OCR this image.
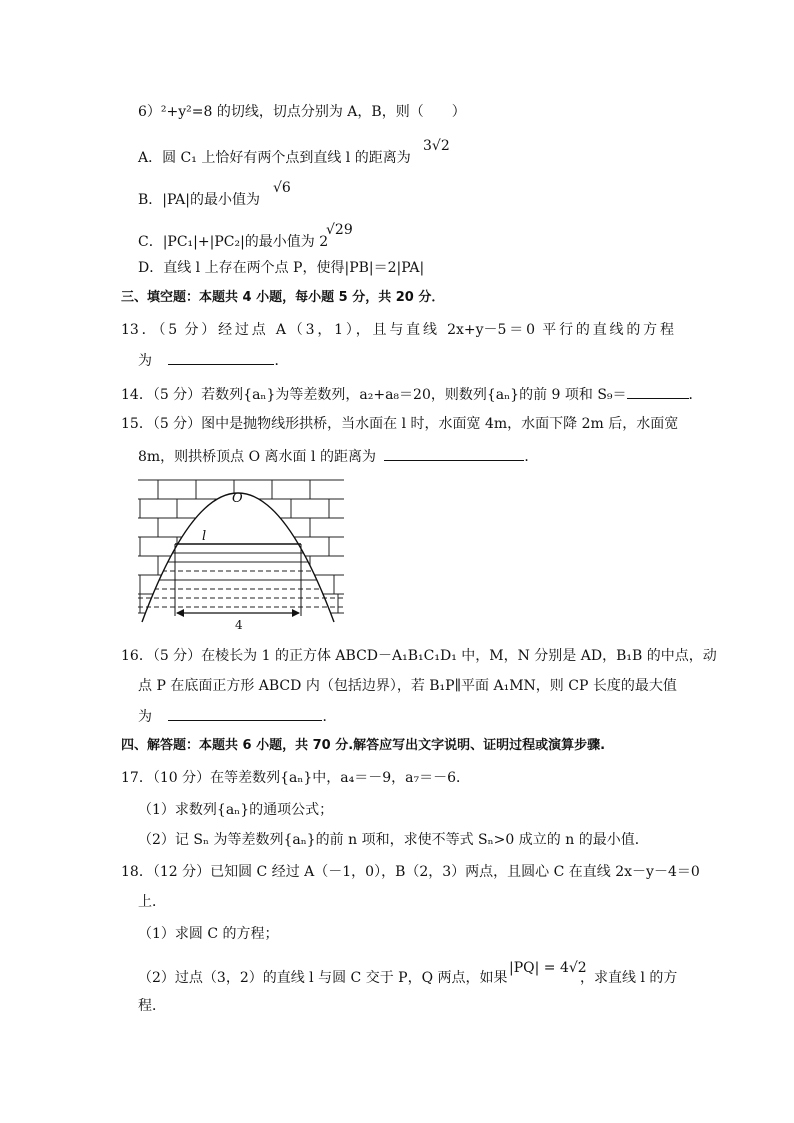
6）²+y²=8 的切线，切点分别为 A，B，则（　　）
A．圆 C₁ 上恰好有两个点到直线 l 的距离为
3√2
B．|PA|的最小值为
√6
C．|PC₁|+|PC₂|的最小值为 2
√29
D．直线 l 上存在两个点 P，使得|PB|＝2|PA|
三、填空题：本题共 4 小题，每小题 5 分，共 20 分．
13．（5 分）经过点 A（3，1），且与直线 2x+y－5＝0 平行的直线的方程
为	．
14．（5 分）若数列{aₙ}为等差数列，a₂+a₈＝20，则数列{aₙ}的前 9 项和 S₉＝	．
15．（5 分）图中是抛物线形拱桥，当水面在 l 时，水面宽 4m，水面下降 2m 后，水面宽
8m，则拱桥顶点 O 离水面 l 的距离为	．
O
l
4
16．（5 分）在棱长为 1 的正方体 ABCD－A₁B₁C₁D₁ 中，M，N 分别是 AD，B₁B 的中点，动
点 P 在底面正方形 ABCD 内（包括边界），若 B₁P∥平面 A₁MN，则 CP 长度的最大值
为	．
四、解答题：本题共 6 小题，共 70 分.解答应写出文字说明、证明过程或演算步骤.
17．（10 分）在等差数列{aₙ}中，a₄＝－9，a₇＝－6．
（1）求数列{aₙ}的通项公式；
（2）记 Sₙ 为等差数列{aₙ}的前 n 项和，求使不等式 Sₙ>0 成立的 n 的最小值．
18．（12 分）已知圆 C 经过 A（－1，0），B（2，3）两点，且圆心 C 在直线 2x－y－4＝0
上．
（1）求圆 C 的方程；
（2）过点（3，2）的直线 l 与圆 C 交于 P，Q 两点，如果
|PQ| = 4√2
，求直线 l 的方
程．
